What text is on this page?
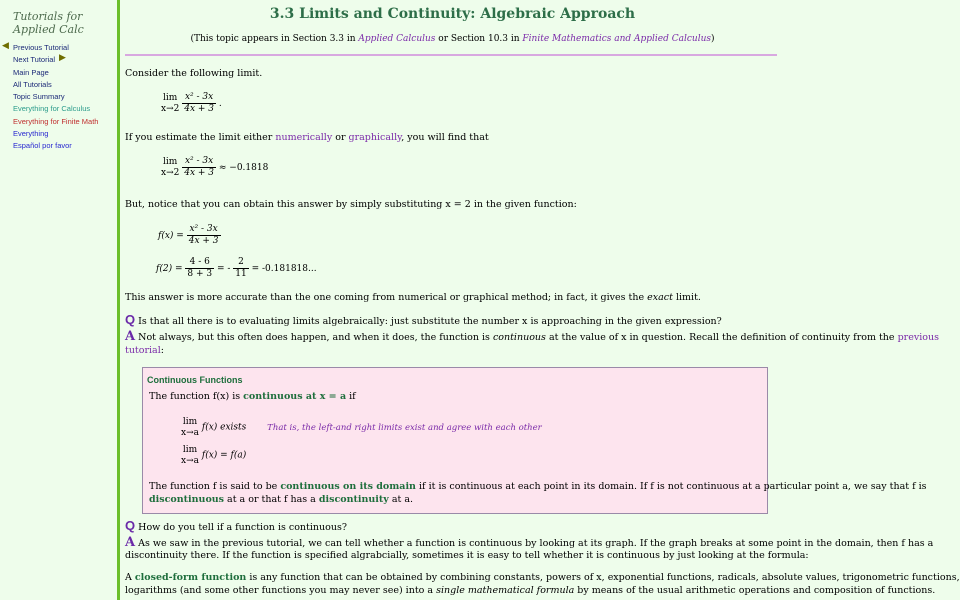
Tutorials for
Applied Calc
◀
▶
Previous Tutorial
Next Tutorial
Main Page
All Tutorials
Topic Summary
Everything for Calculus
Everything for Finite Math
Everything
Español por favor
3.3 Limits and Continuity: Algebraic Approach
(This topic appears in Section 3.3 in Applied Calculus or Section 10.3 in Finite Mathematics and Applied Calculus)
Consider the following limit.
lim
$x\to 2 \frac{\text{x² - 3x}}{4x + 3}$ .
If you estimate the limit either numerically or graphically, you will find that
lim
$x\to 2 \frac{\text{x² - 3x}}{4x + 3} \approx -0.1818$
But, notice that you can obtain this answer by simply substituting x = 2 in the given function:
$f(x) = \frac{\text{x² - 3x}}{4x + 3}$
$f(2) = \frac{4 - 6}{8 + 3}$ = - $\frac{2}{11} = -0.181818$...
This answer is more accurate than the one coming from numerical or graphical method; in fact, it gives the exact limit.
Q Is that all there is to evaluating limits algebraically: just substitute the number x is approaching in the given expression?
A Not always, but this often does happen, and when it does, the function is continuous at the value of x in question. Recall the definition of continuity from the previous
tutorial:
Continuous Functions
The function f(x) is continuous at x = a if
lim
x→a f(x) exists That is, the left-and right limits exist and agree with each other
lim
x→a f(x) = f(a)
The function f is said to be continuous on its domain if it is continuous at each point in its domain. If f is not continuous at a particular point a, we say that f is
discontinuous at a or that f has a discontinuity at a.
Q How do you tell if a function is continuous?
A As we saw in the previous tutorial, we can tell whether a function is continuous by looking at its graph. If the graph breaks at some point in the domain, then f has a
discontinuity there. If the function is specified algrabcially, sometimes it is easy to tell whether it is continuous by just looking at the formula:
A closed-form function is any function that can be obtained by combining constants, powers of x, exponential functions, radicals, absolute values, trigonometric functions,
logarithms (and some other functions you may never see) into a single mathematical formula by means of the usual arithmetic operations and composition of functions.
